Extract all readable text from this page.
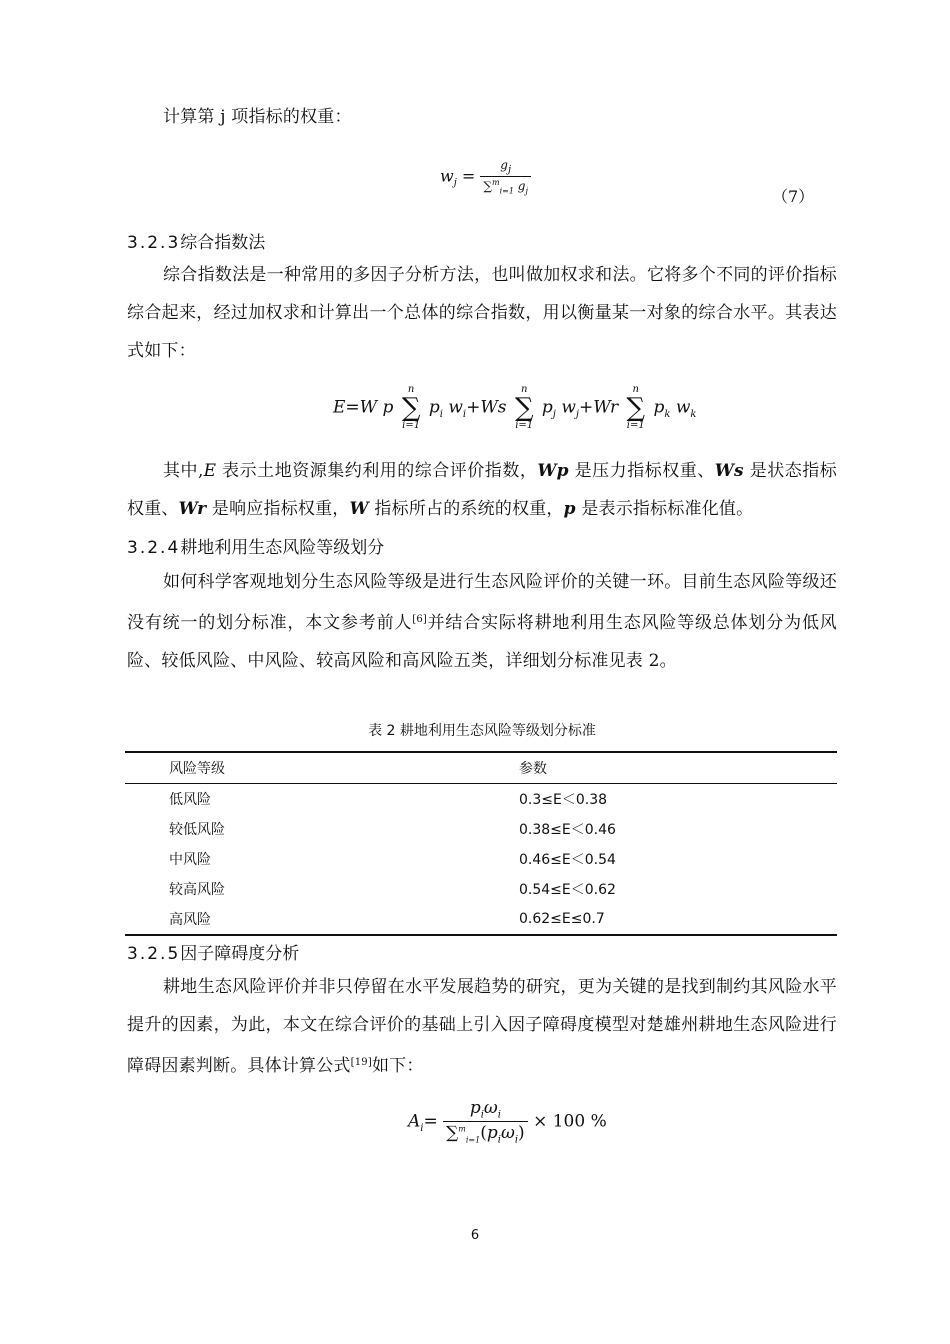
计算第 j 项指标的权重：
$w_j = \frac{g_j}{\sum^m_{i=1} g_j}$
（7）
3.2.3综合指数法
综合指数法是一种常用的多因子分析方法，也叫做加权求和法。它将多个不同的评价指标综合起来，经过加权求和计算出一个总体的综合指数，用以衡量某一对象的综合水平。其表达式如下：
E=W p
n
∑
i=1
$p_i$ $w_i+Ws$
n
∑
i=1
$p_j$ $w_j+Wr$
n
∑
i=1
$p_k$ $w_k$
其中,E 表示土地资源集约利用的综合评价指数，Wp 是压力指标权重、Ws 是状态指标权重、Wr 是响应指标权重，W 指标所占的系统的权重，p 是表示指标标准化值。
3.2.4耕地利用生态风险等级划分
如何科学客观地划分生态风险等级是进行生态风险评价的关键一环。目前生态风险等级还没有统一的划分标准，本文参考前人[6]并结合实际将耕地利用生态风险等级总体划分为低风险、较低风险、中风险、较高风险和高风险五类，详细划分标准见表 2。
表 2 耕地利用生态风险等级划分标准
风险等级	参数
低风险	0.3≤E＜0.38
较低风险	0.38≤E＜0.46
中风险	0.46≤E＜0.54
较高风险	0.54≤E＜0.62
高风险	0.62≤E≤0.7
3.2.5因子障碍度分析
耕地生态风险评价并非只停留在水平发展趋势的研究，更为关键的是找到制约其风险水平提升的因素，为此，本文在综合评价的基础上引入因子障碍度模型对楚雄州耕地生态风险进行障碍因素判断。具体计算公式[19]如下：
$A_i= \frac{p_i\omega_i}{\sum^m_{i=1}(p_i\omega_i)} \times 100$ %
6
